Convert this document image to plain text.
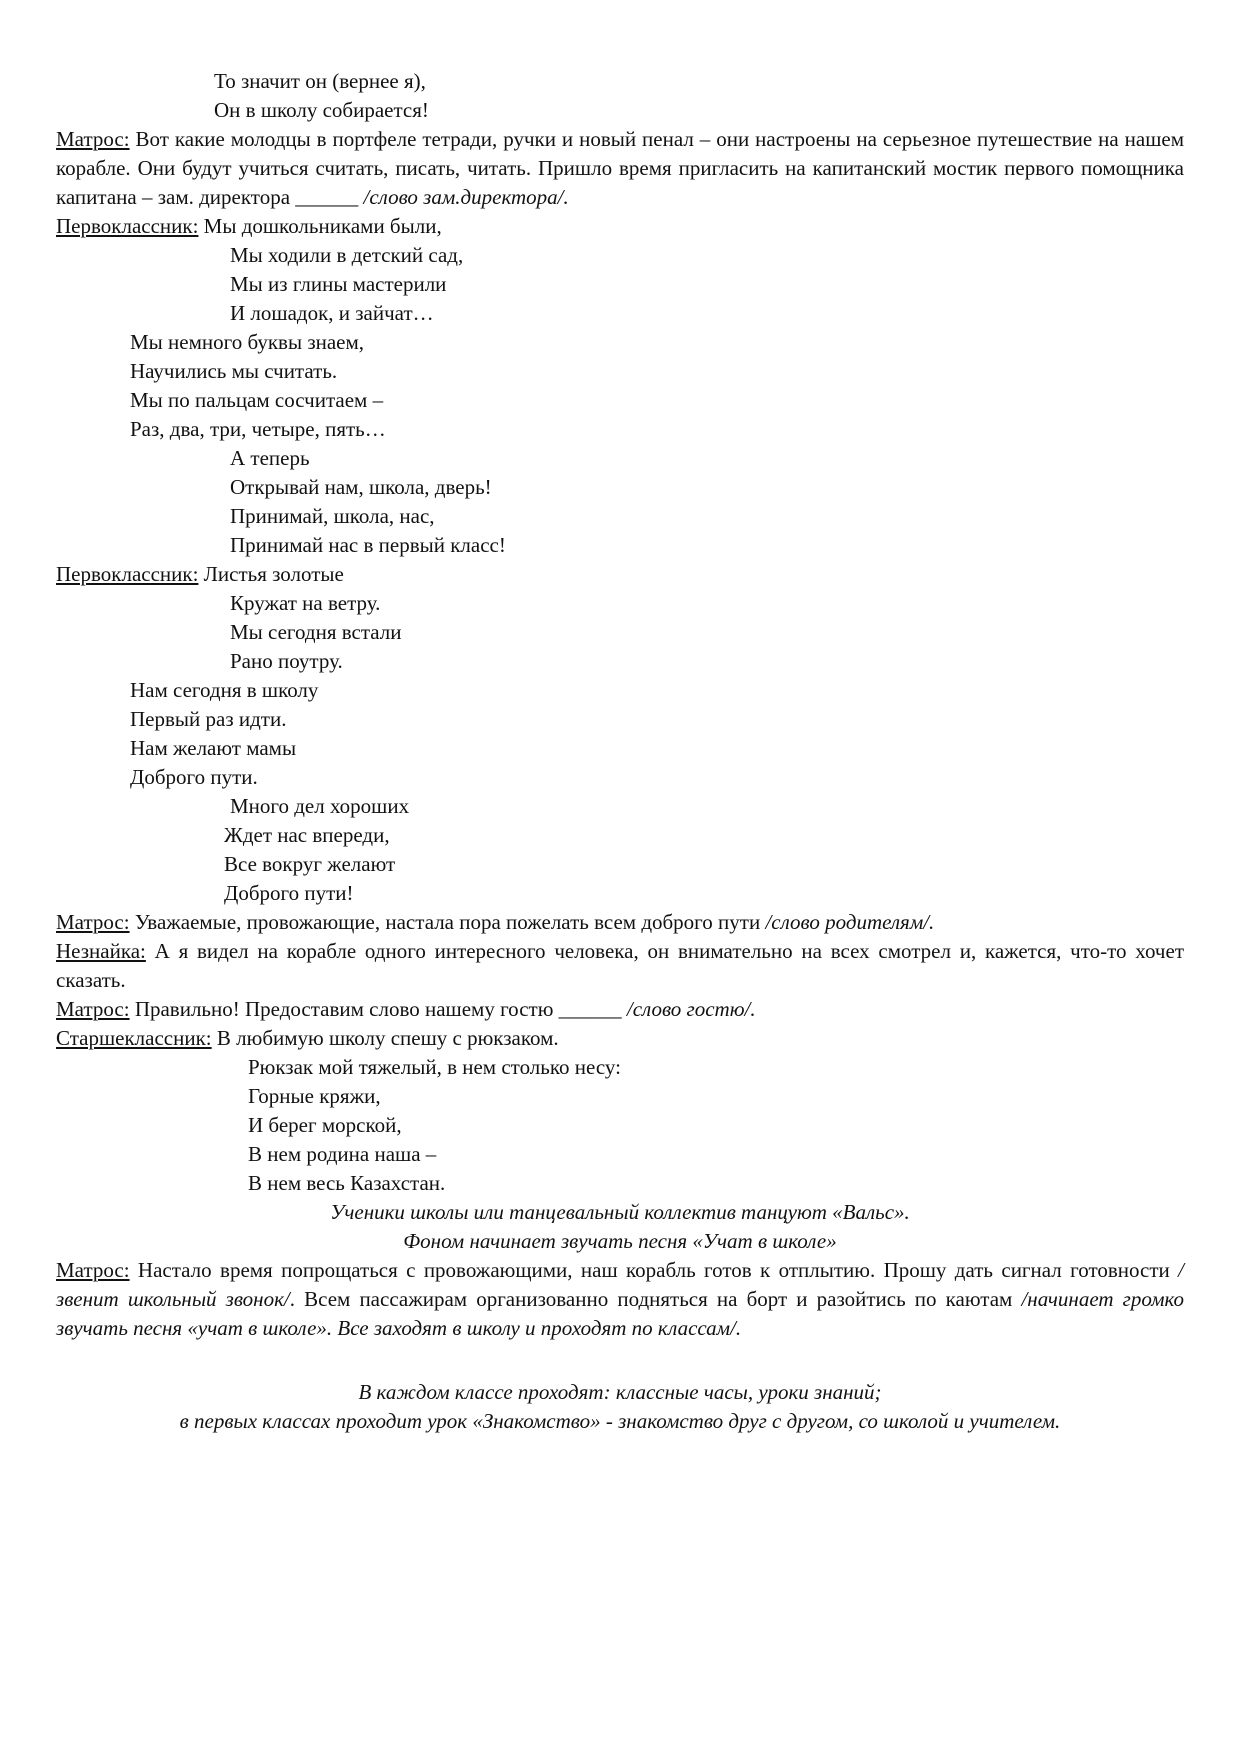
То значит он (вернее я),
Он в школу собирается!
Матрос: Вот какие молодцы в портфеле тетради, ручки и новый пенал – они настроены на серьезное путешествие на нашем корабле. Они будут учиться считать, писать, читать. Пришло время пригласить на капитанский мостик первого помощника капитана – зам. директора ______ /слово зам.директора/.
Первоклассник: Мы дошкольниками были,
Мы ходили в детский сад,
Мы из глины мастерили
И лошадок, и зайчат…
Мы немного буквы знаем,
Научились мы считать.
Мы по пальцам сосчитаем –
Раз, два, три, четыре, пять…
А теперь
Открывай нам, школа, дверь!
Принимай, школа, нас,
Принимай нас в первый класс!
Первоклассник: Листья золотые
Кружат на ветру.
Мы сегодня встали
Рано поутру.
Нам сегодня в школу
Первый раз идти.
Нам желают мамы
Доброго пути.
Много дел хороших
Ждет нас впереди,
Все вокруг желают
Доброго пути!
Матрос: Уважаемые, провожающие, настала пора пожелать всем доброго пути /слово родителям/.
Незнайка: А я видел на корабле одного интересного человека, он внимательно на всех смотрел и, кажется, что-то хочет сказать.
Матрос: Правильно! Предоставим слово нашему гостю ______ /слово гостю/.
Старшеклассник: В любимую школу спешу с рюкзаком.
Рюкзак мой тяжелый, в нем столько несу:
Горные кряжи,
И берег морской,
В нем родина наша –
В нем весь Казахстан.
Ученики школы или танцевальный коллектив танцуют «Вальс».
Фоном начинает звучать песня «Учат в школе»
Матрос: Настало время попрощаться с провожающими, наш корабль готов к отплытию. Прошу дать сигнал готовности /звенит школьный звонок/. Всем пассажирам организованно подняться на борт и разойтись по каютам /начинает громко звучать песня «учат в школе». Все заходят в школу и проходят по классам/.
В каждом классе проходят: классные часы, уроки знаний;
в первых классах проходит урок «Знакомство» - знакомство друг с другом, со школой и учителем.
